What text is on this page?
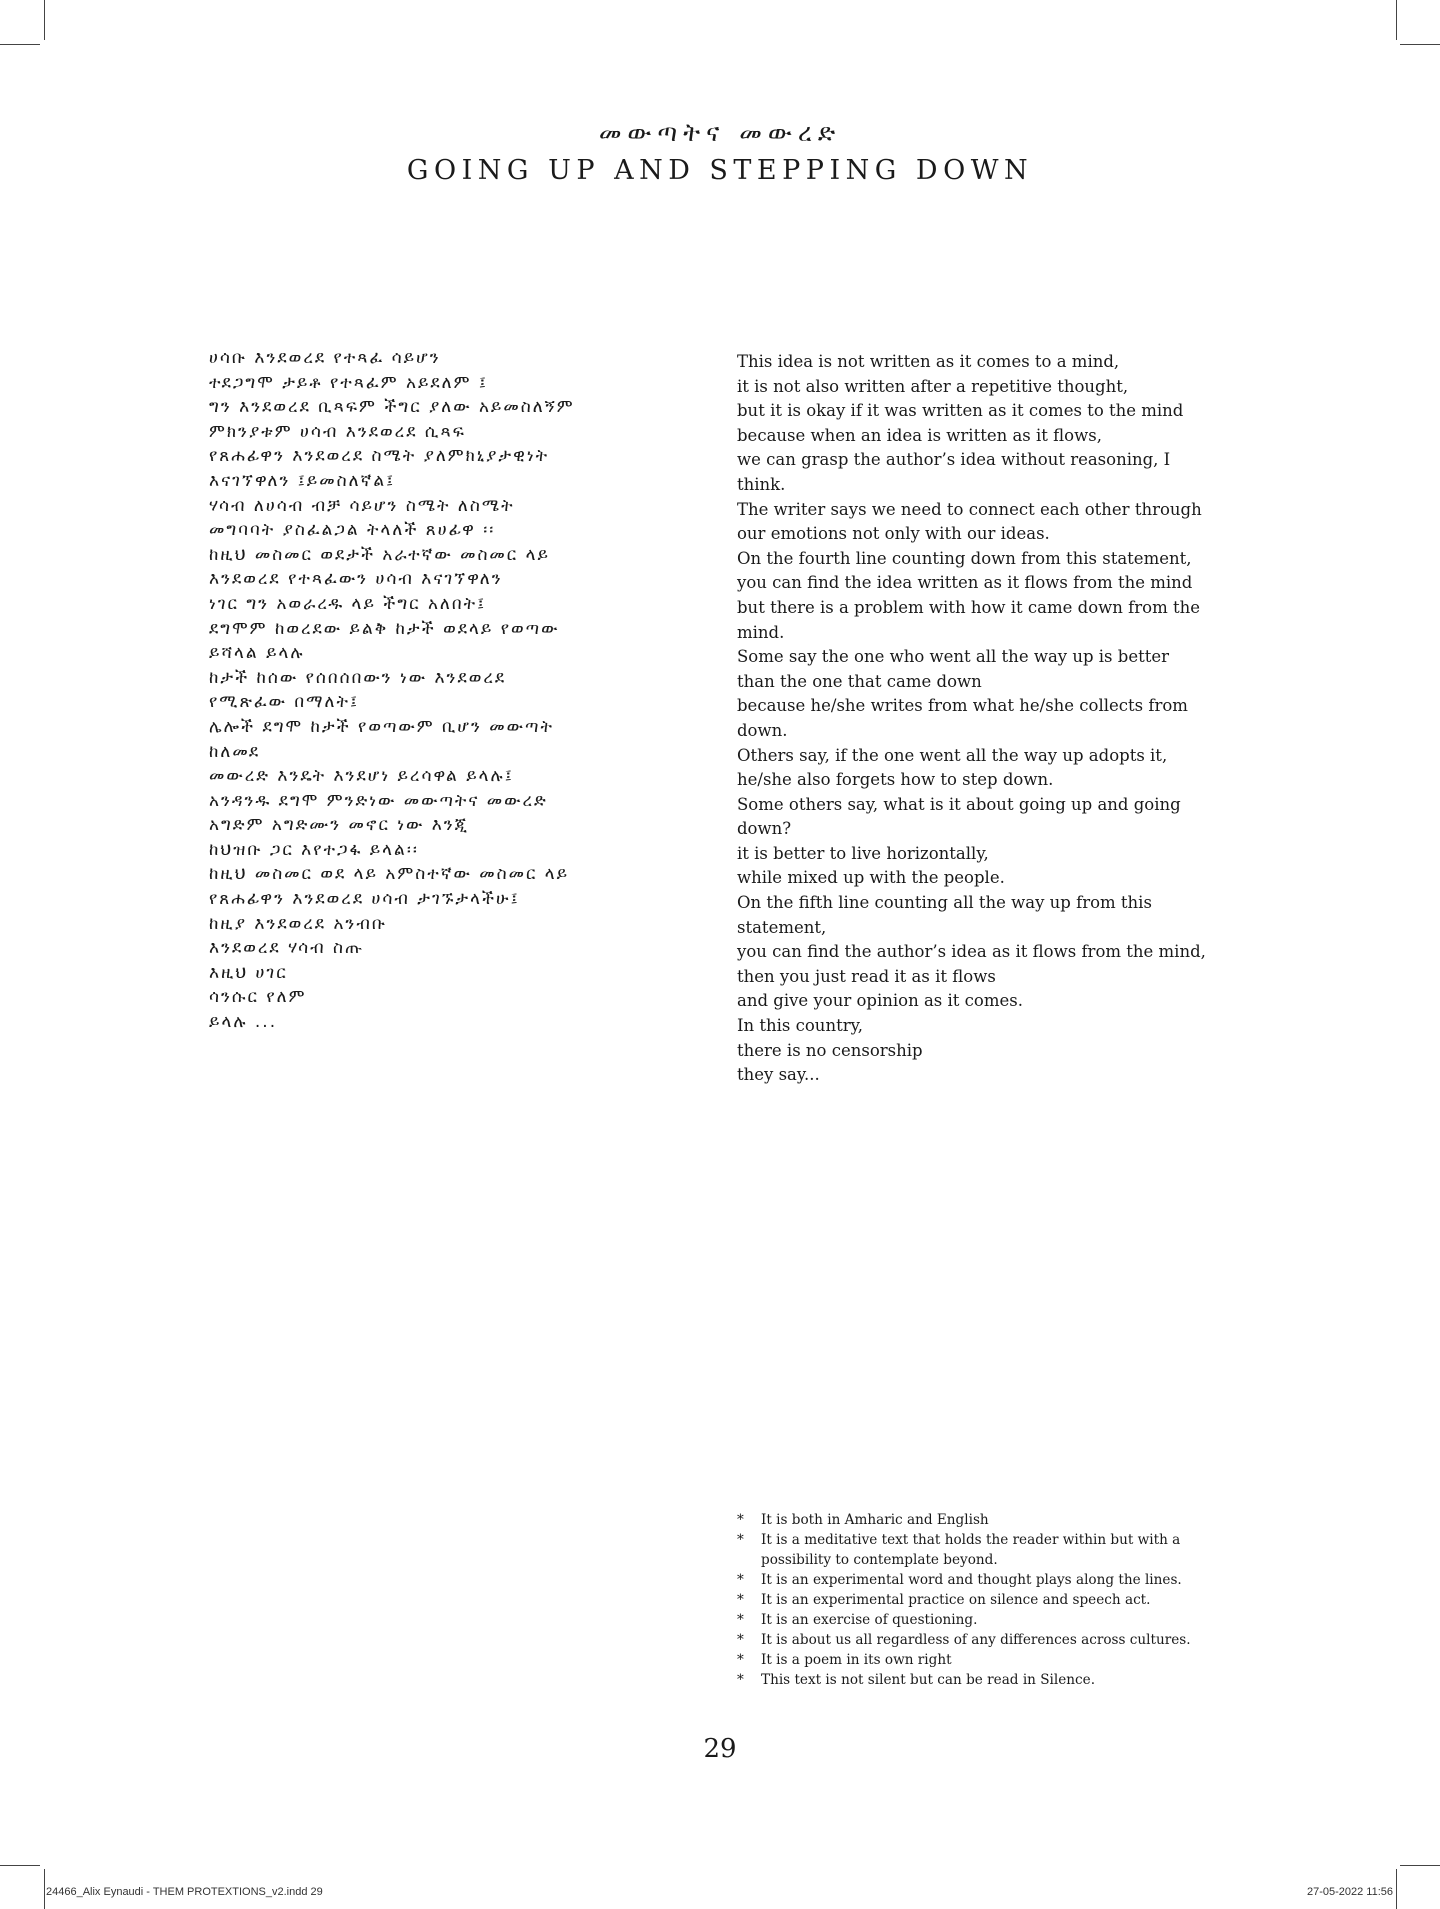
መውጣትና መውረድ
GOING UP AND STEPPING DOWN
ሀሳቡ እንደወረደ የተጻፈ ሳይሆን
ተደጋግሞ ታይቶ የተጻፈም አይደለም ፤
ግን እንደወረደ ቢጻፍም ችግር ያለው አይመስለኝም
ምክንያቱም ሀሳብ እንደወረደ ሲጻፍ
የጸሐፊዋን እንደወረደ ስሜት ያለምክኒያታዊነት
እናገኘዋለን ፤ይመስለኛል፤
ሃሳብ ለሀሳብ ብቻ ሳይሆን ስሜት ለስሜት
መግባባት ያስፈልጋል ትላለች ጸሀፊዋ ፡፡
ከዚህ መስመር ወደታች አራተኛው መስመር ላይ
እንደወረደ የተጻፈውን ሀሳብ እናገኘዋለን
ነገር ግን አወራረዱ ላይ ችግር አለበት፤
ደግሞም ከወረደው ይልቅ ከታች ወደላይ የወጣው
ይሻላል ይላሉ
ከታች ከሰው የሰበሰበውን ነው እንደወረደ
የሚጽፈው በማለት፤
ሌሎች ደግሞ ከታች የወጣውም ቢሆን መውጣት
ከለመደ
መውረድ እንዴት እንደሆነ ይረሳዋል ይላሉ፤
አንዳንዱ ደግሞ ምንድነው መውጣትና መውረድ
አግድም አግድሙን መኖር ነው እንጂ
ከህዝቡ ጋር እየተጋፋ ይላል፡፡
ከዚህ መስመር ወደ ላይ አምስተኛው መስመር ላይ
የጸሐፊዋን እንደወረደ ሀሳብ ታገኙታላችሁ፤
ከዚያ እንደወረደ አንብቡ
እንደወረደ ሃሳብ ስጡ
እዚህ ሀገር
ሳንሱር የለም
ይላሉ ...
This idea is not written as it comes to a mind,
it is not also written after a repetitive thought,
but it is okay if it was written as it comes to the mind
because when an idea is written as it flows,
we can grasp the author’s idea without reasoning, I
think.
The writer says we need to connect each other through
our emotions not only with our ideas.
On the fourth line counting down from this statement,
you can find the idea written as it flows from the mind
but there is a problem with how it came down from the
mind.
Some say the one who went all the way up is better
than the one that came down
because he/she writes from what he/she collects from
down.
Others say, if the one went all the way up adopts it,
he/she also forgets how to step down.
Some others say, what is it about going up and going
down?
it is better to live horizontally,
while mixed up with the people.
On the fifth line counting all the way up from this
statement,
you can find the author’s idea as it flows from the mind,
then you just read it as it flows
and give your opinion as it comes.
In this country,
there is no censorship
they say...
* It is both in Amharic and English
* It is a meditative text that holds the reader within but with a
possibility to contemplate beyond.
* It is an experimental word and thought plays along the lines.
* It is an experimental practice on silence and speech act.
* It is an exercise of questioning.
* It is about us all regardless of any differences across cultures.
* It is a poem in its own right
* This text is not silent but can be read in Silence.
29
24466_Alix Eynaudi - THEM PROTEXTIONS_v2.indd 29	27-05-2022 11:56
